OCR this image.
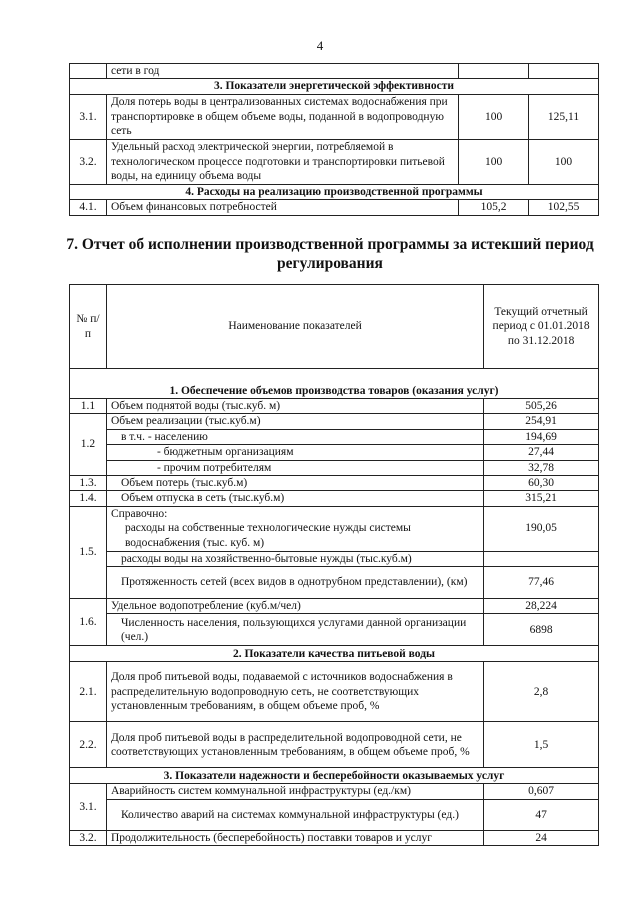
4
	сети в год		
3. Показатели энергетической эффективности			
3.1.	Доля потерь воды в централизованных системах водоснабжения при транспортировке в общем объеме воды, поданной в водопроводную сеть	100	125,11
3.2.	Удельный расход электрической энергии, потребляемой в технологическом процессе подготовки и транспортировки питьевой воды, на единицу объема воды	100	100
4. Расходы на реализацию производственной программы			
4.1.	Объем финансовых потребностей	105,2	102,55
7. Отчет об исполнении производственной программы за истекший период регулирования
№ п/п	Наименование показателей	Текущий отчетный период с 01.01.2018 по 31.12.2018

1. Обеспечение объемов производства товаров (оказания услуг)		
1.1	Объем поднятой воды (тыс.куб. м)	505,26
1.2	Объем реализации (тыс.куб.м)	254,91
	в т.ч. - населению	194,69
	- бюджетным организациям	27,44
	- прочим потребителям	32,78
1.3.	Объем потерь (тыс.куб.м)	60,30
1.4.	Объем отпуска в сеть (тыс.куб.м)	315,21
1.5.	Справочно:
расходы на собственные технологические нужды системы водоснабжения (тыс. куб. м)	190,05
	расходы воды на хозяйственно-бытовые нужды (тыс.куб.м)	
	Протяженность сетей (всех видов в однотрубном представлении), (км)	77,46
1.6.	Удельное водопотребление (куб.м/чел)	28,224
	Численность населения, пользующихся услугами данной организации (чел.)	6898
2. Показатели качества питьевой воды		
2.1.	Доля проб питьевой воды, подаваемой с источников водоснабжения в распределительную водопроводную сеть, не соответствующих установленным требованиям, в общем объеме проб, %	2,8
2.2.	Доля проб питьевой воды в распределительной водопроводной сети, не соответствующих установленным требованиям, в общем объеме проб, %	1,5
3. Показатели надежности и бесперебойности оказываемых услуг		
3.1.	Аварийность систем коммунальной инфраструктуры (ед./км)	0,607
	Количество аварий на системах коммунальной инфраструктуры (ед.)	47
3.2.	Продолжительность (бесперебойность) поставки товаров и услуг	24
